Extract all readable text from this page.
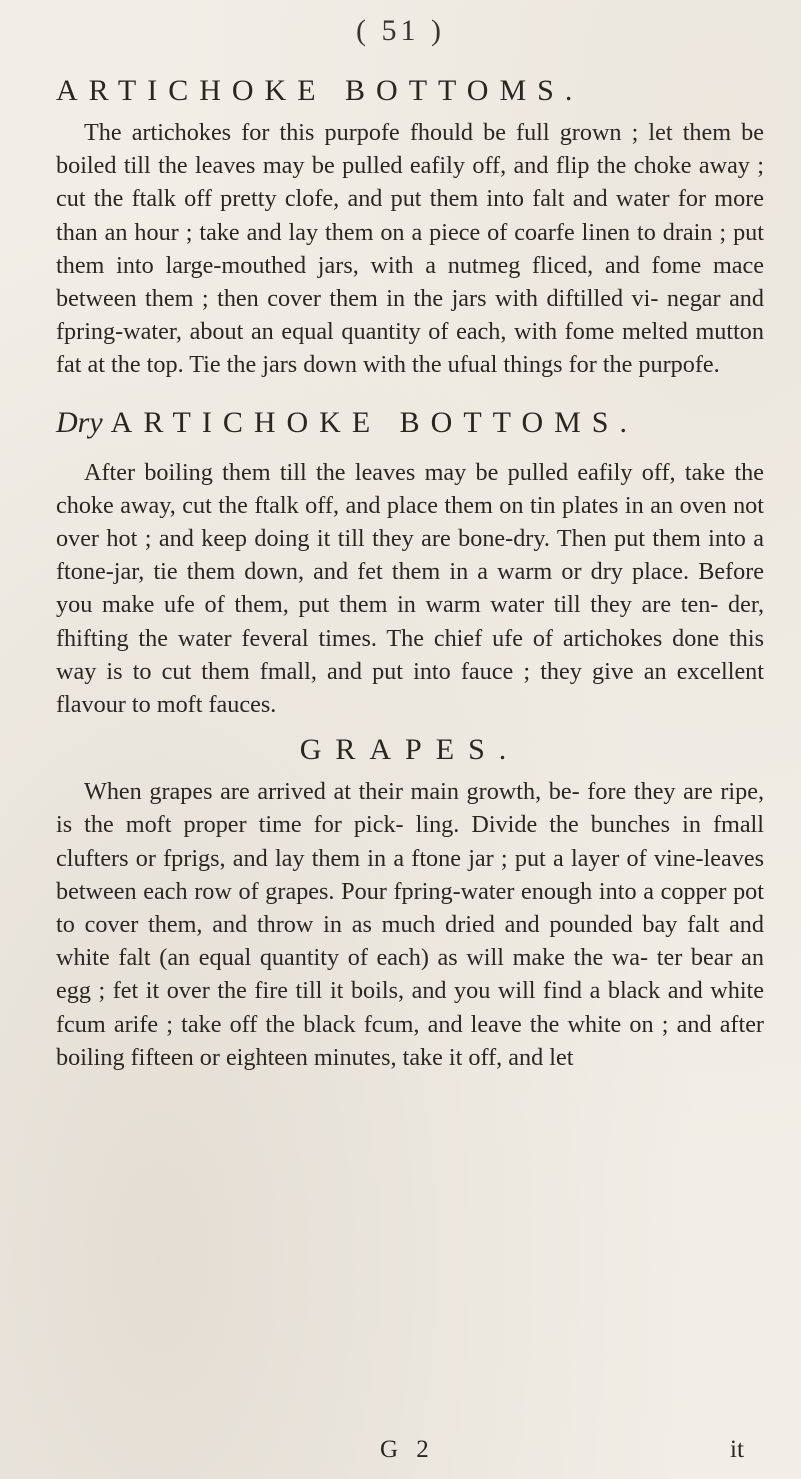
( 51 )
ARTICHOKE BOTTOMS.

The artichokes for this purpofe fhould be full grown ; let them be boiled till the leaves may be pulled eafily off, and flip the choke away ; cut the ftalk off pretty clofe, and put them into falt and water for more than an hour ; take and lay them on a piece of coarfe linen to drain ; put them into large-mouthed jars, with a nutmeg fliced, and fome mace between them ; then cover them in the jars with diftilled vi- negar and fpring-water, about an equal quantity of each, with fome melted mutton fat at the top. Tie the jars down with the ufual things for the purpofe.

Dry ARTICHOKE BOTTOMS.

After boiling them till the leaves may be pulled eafily off, take the choke away, cut the ftalk off, and place them on tin plates in an oven not over hot ; and keep doing it till they are bone-dry. Then put them into a ftone-jar, tie them down, and fet them in a warm or dry place. Before you make ufe of them, put them in warm water till they are ten- der, fhifting the water feveral times. The chief ufe of artichokes done this way is to cut them fmall, and put into fauce ; they give an excellent flavour to moft fauces.

GRAPES.

When grapes are arrived at their main growth, be- fore they are ripe, is the moft proper time for pick- ling. Divide the bunches in fmall clufters or fprigs, and lay them in a ftone jar ; put a layer of vine-leaves between each row of grapes. Pour fpring-water enough into a copper pot to cover them, and throw in as much dried and pounded bay falt and white falt (an equal quantity of each) as will make the wa- ter bear an egg ; fet it over the fire till it boils, and you will find a black and white fcum arife ; take off the black fcum, and leave the white on ; and after boiling fifteen or eighteen minutes, take it off, and let

G 2	it
